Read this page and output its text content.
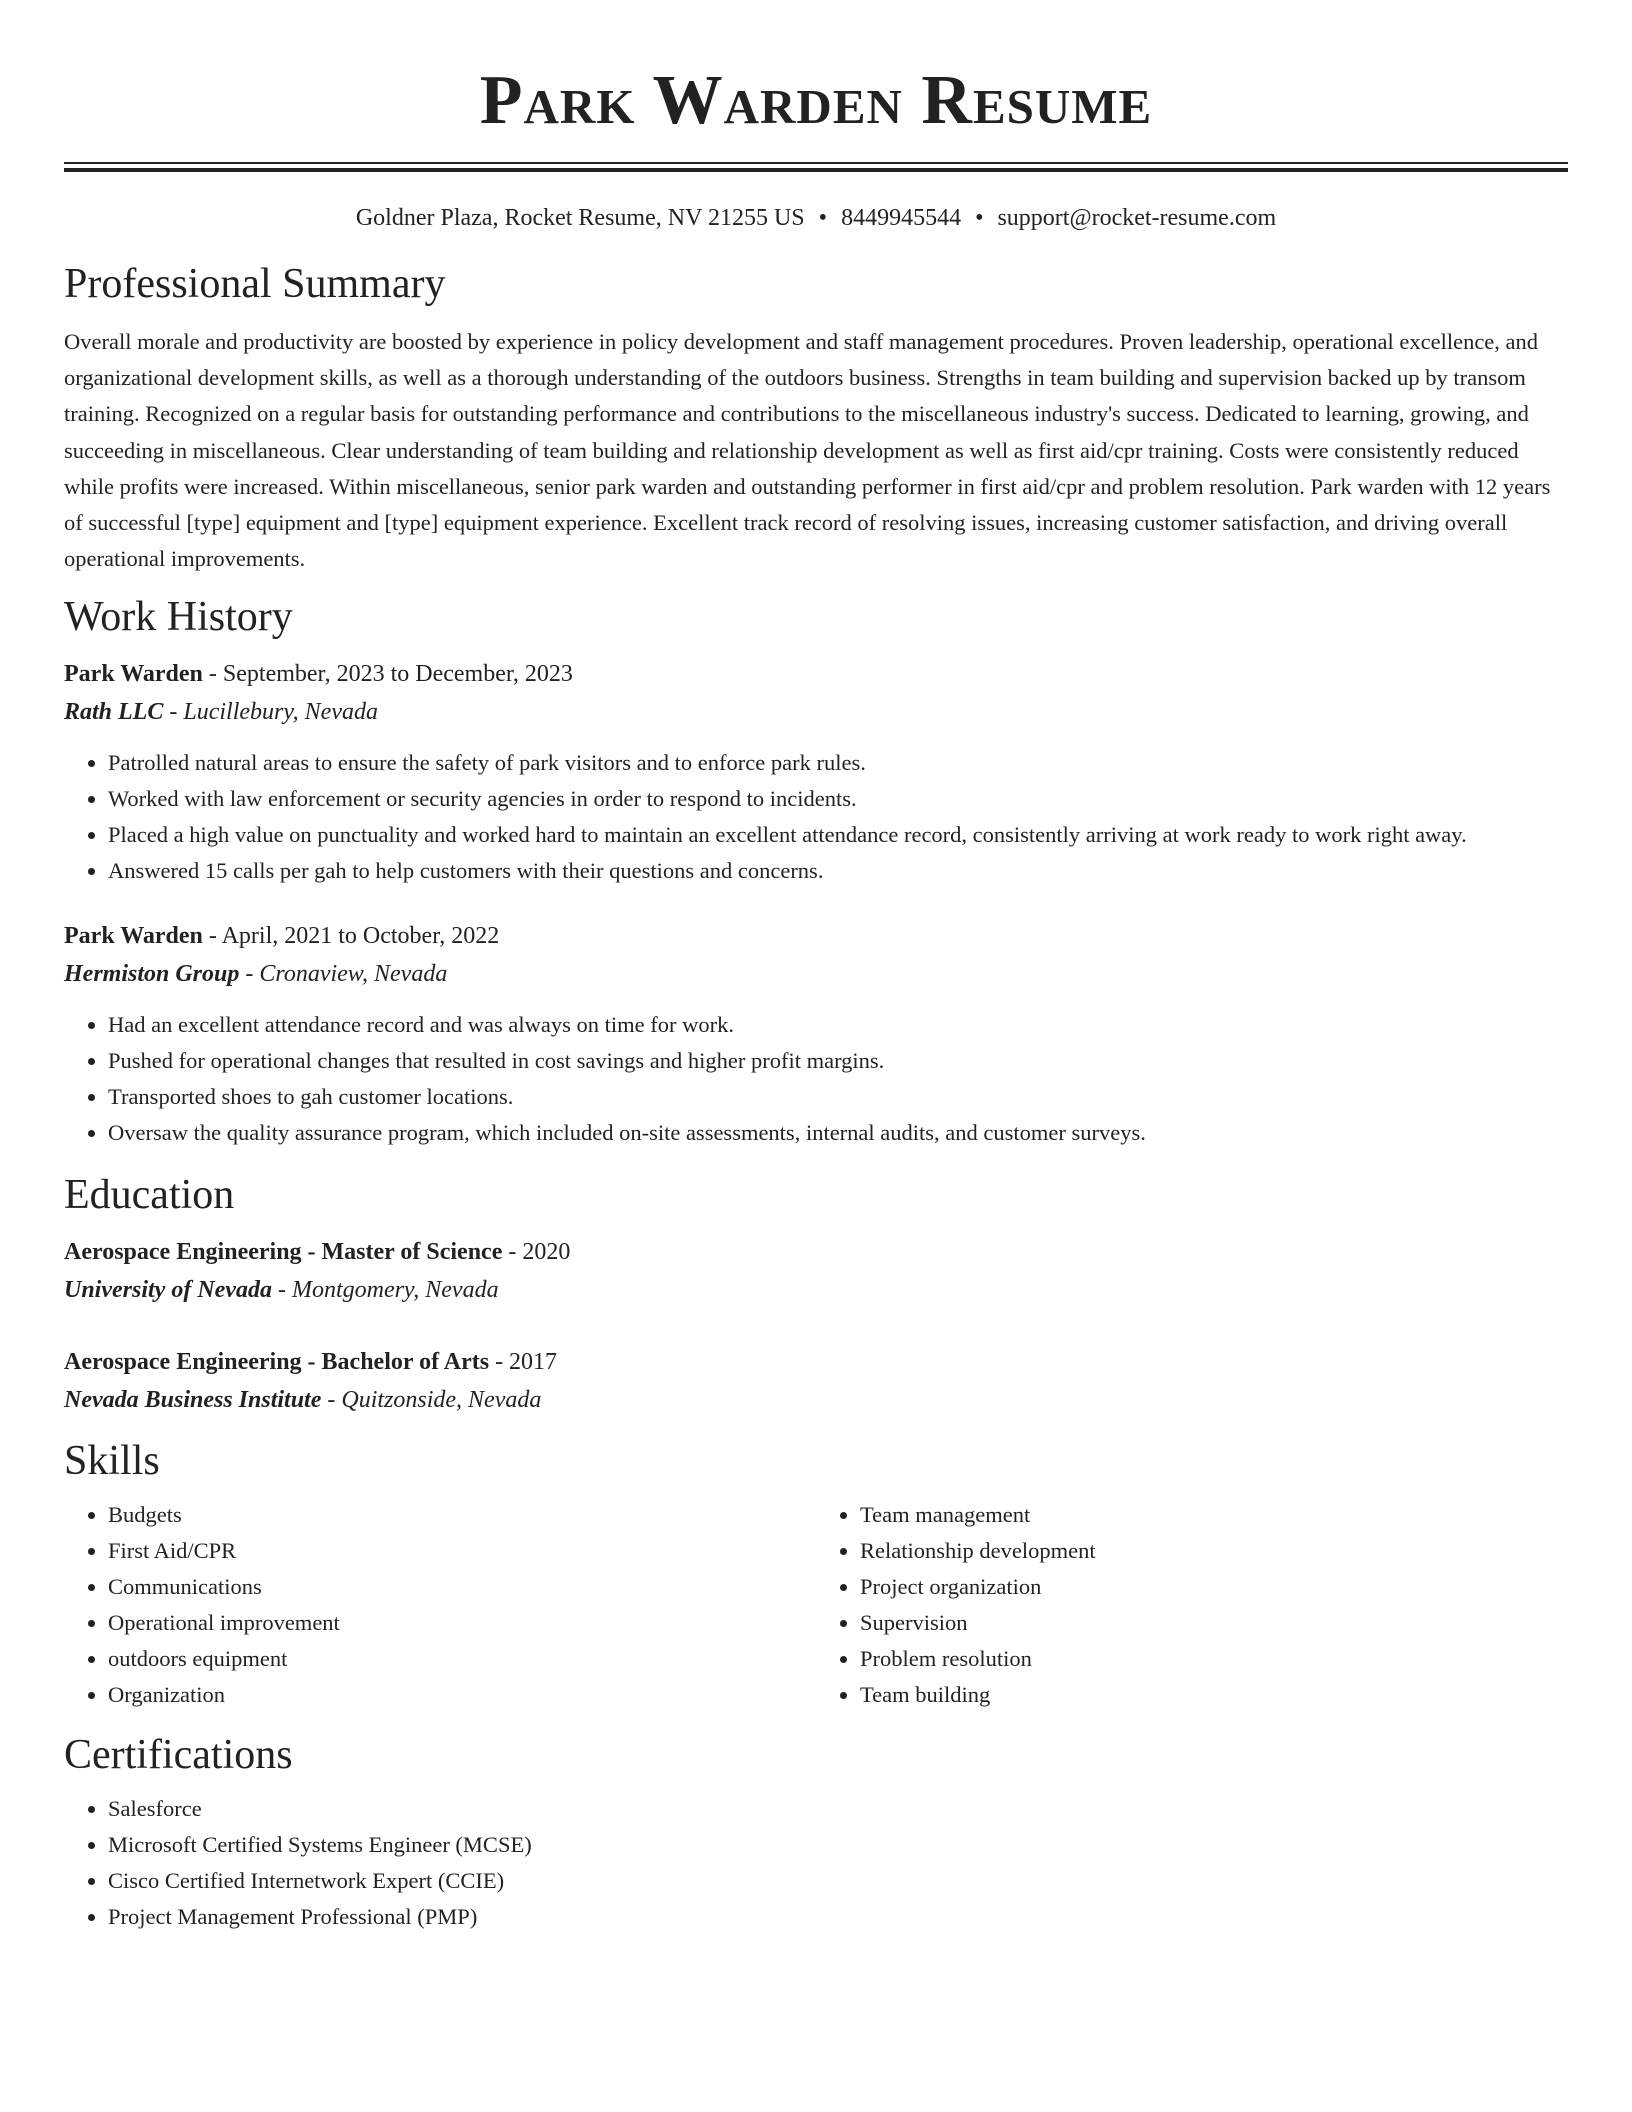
Park Warden Resume
Goldner Plaza, Rocket Resume, NV 21255 US • 8449945544 • support@rocket-resume.com
Professional Summary

Overall morale and productivity are boosted by experience in policy development and staff management procedures. Proven leadership, operational excellence, and organizational development skills, as well as a thorough understanding of the outdoors business. Strengths in team building and supervision backed up by transom training. Recognized on a regular basis for outstanding performance and contributions to the miscellaneous industry's success. Dedicated to learning, growing, and succeeding in miscellaneous. Clear understanding of team building and relationship development as well as first aid/cpr training. Costs were consistently reduced while profits were increased. Within miscellaneous, senior park warden and outstanding performer in first aid/cpr and problem resolution. Park warden with 12 years of successful [type] equipment and [type] equipment experience. Excellent track record of resolving issues, increasing customer satisfaction, and driving overall operational improvements.

Work History

Park Warden - September, 2023 to December, 2023

Rath LLC - Lucillebury, Nevada

• Patrolled natural areas to ensure the safety of park visitors and to enforce park rules.
• Worked with law enforcement or security agencies in order to respond to incidents.
• Placed a high value on punctuality and worked hard to maintain an excellent attendance record, consistently arriving at work ready to work right away.
• Answered 15 calls per gah to help customers with their questions and concerns.

Park Warden - April, 2021 to October, 2022

Hermiston Group - Cronaview, Nevada

• Had an excellent attendance record and was always on time for work.
• Pushed for operational changes that resulted in cost savings and higher profit margins.
• Transported shoes to gah customer locations.
• Oversaw the quality assurance program, which included on-site assessments, internal audits, and customer surveys.
Education

Aerospace Engineering - Master of Science - 2020

University of Nevada - Montgomery, Nevada

Aerospace Engineering - Bachelor of Arts - 2017

Nevada Business Institute - Quitzonside, Nevada

Skills
• Budgets
• First Aid/CPR
• Communications
• Operational improvement
• outdoors equipment
• Organization
• Team management
• Relationship development
• Project organization
• Supervision
• Problem resolution
• Team building
Certifications
• Salesforce
• Microsoft Certified Systems Engineer (MCSE)
• Cisco Certified Internetwork Expert (CCIE)
• Project Management Professional (PMP)
